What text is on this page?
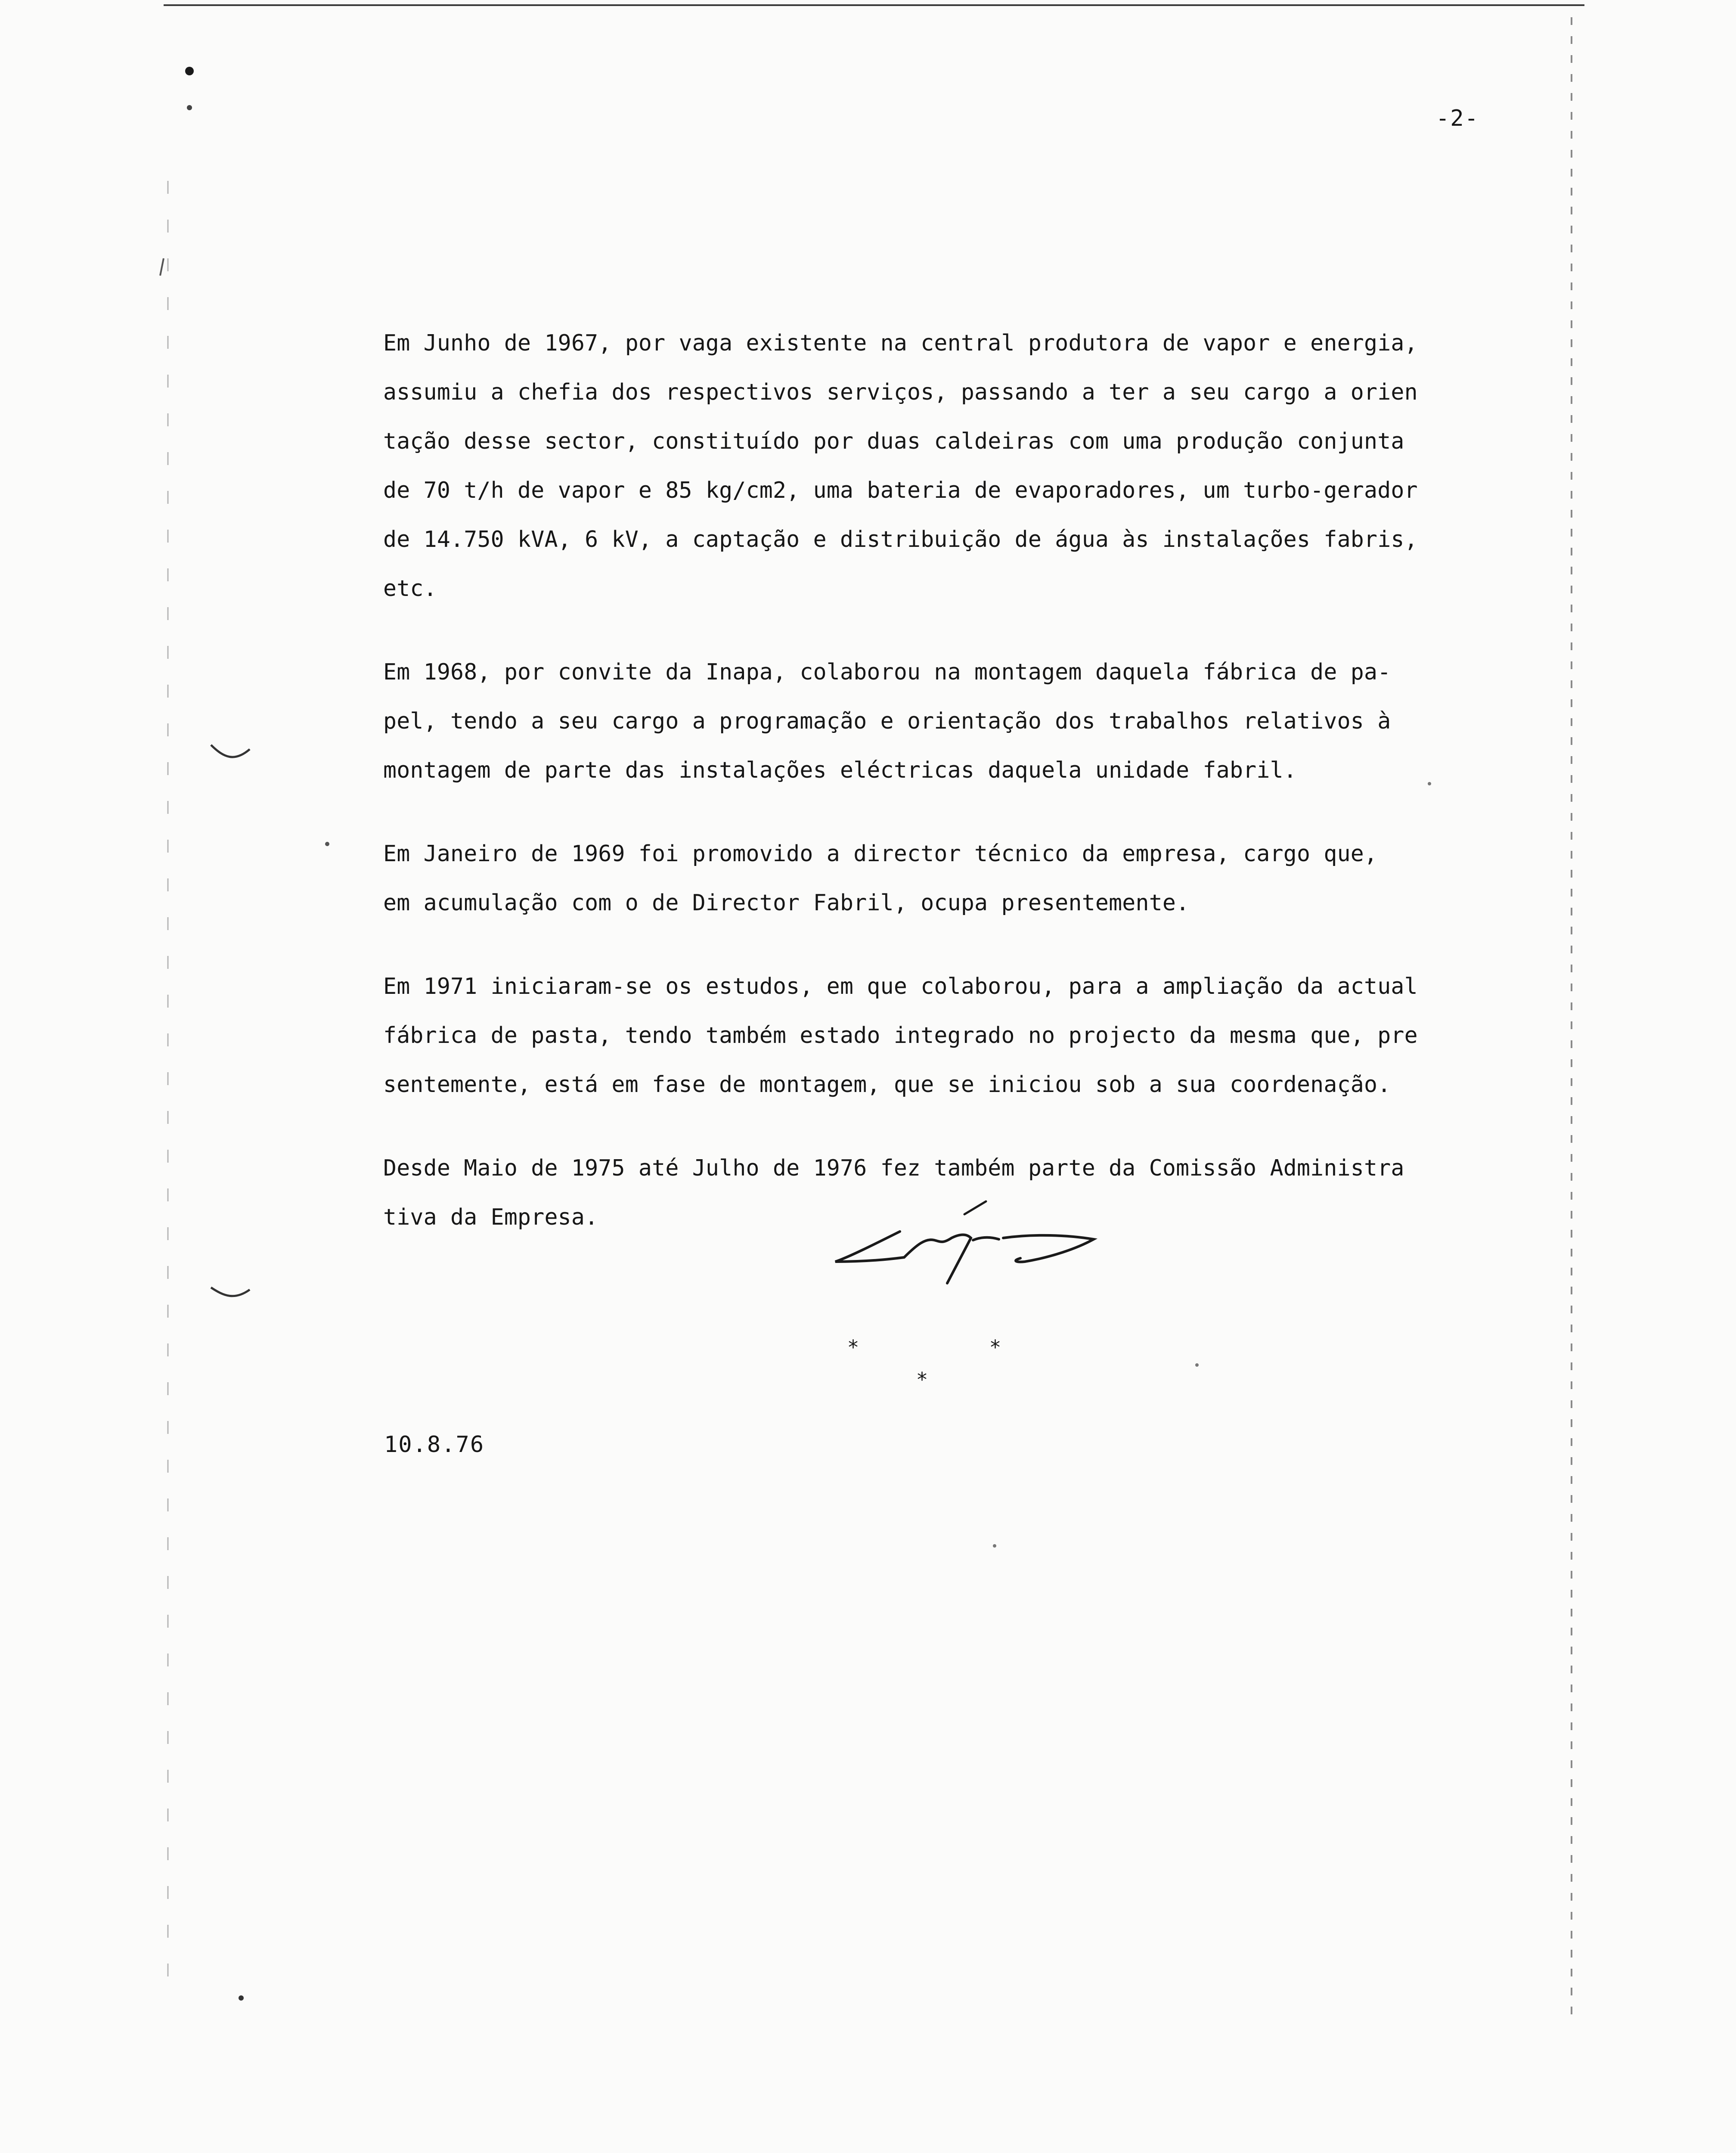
-2-
Em Junho de 1967, por vaga existente na central produtora de vapor e energia,
assumiu a chefia dos respectivos serviços, passando a ter a seu cargo a orien
tação desse sector, constituído por duas caldeiras com uma produção conjunta
de 70 t/h de vapor e 85 kg/cm2, uma bateria de evaporadores, um turbo-gerador
de 14.750 kVA, 6 kV, a captação e distribuição de água às instalações fabris,
etc.
Em 1968, por convite da Inapa, colaborou na montagem daquela fábrica de pa-
pel, tendo a seu cargo a programação e orientação dos trabalhos relativos à
montagem de parte das instalações eléctricas daquela unidade fabril.
Em Janeiro de 1969 foi promovido a director técnico da empresa, cargo que,
em acumulação com o de Director Fabril, ocupa presentemente.
Em 1971 iniciaram-se os estudos, em que colaborou, para a ampliação da actual
fábrica de pasta, tendo também estado integrado no projecto da mesma que, pre
sentemente, está em fase de montagem, que se iniciou sob a sua coordenação.
Desde Maio de 1975 até Julho de 1976 fez também parte da Comissão Administra
tiva da Empresa.
*	*
*
10.8.76
